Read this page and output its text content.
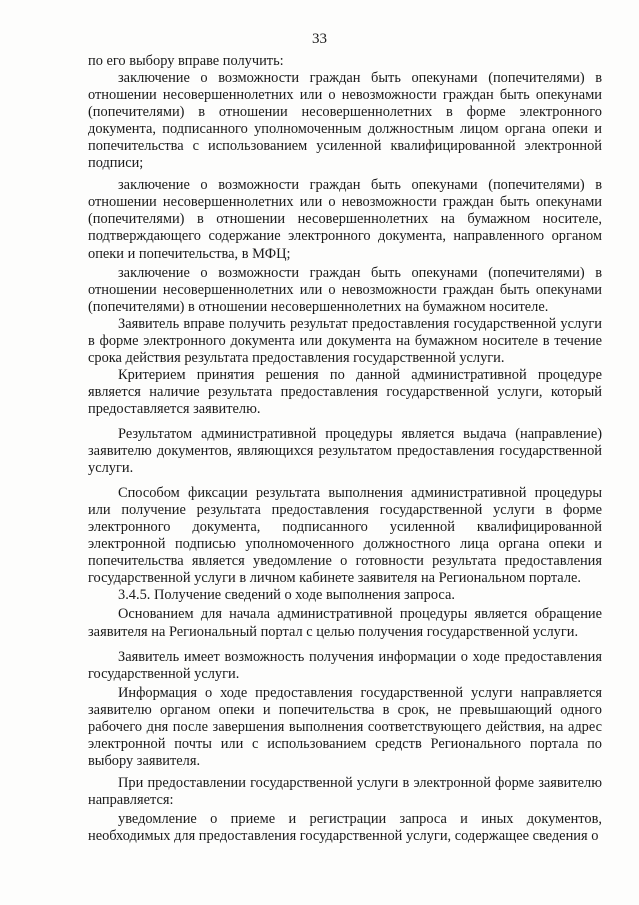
33

по его выбору вправе получить:

заключение о возможности граждан быть опекунами (попечителями) в отношении несовершеннолетних или о невозможности граждан быть опекунами (попечителями) в отношении несовершеннолетних в форме электронного документа, подписанного уполномоченным должностным лицом органа опеки и попечительства с использованием усиленной квалифицированной электронной подписи;

заключение о возможности граждан быть опекунами (попечителями) в отношении несовершеннолетних или о невозможности граждан быть опекунами (попечителями) в отношении несовершеннолетних на бумажном носителе, подтверждающего содержание электронного документа, направленного органом опеки и попечительства, в МФЦ;

заключение о возможности граждан быть опекунами (попечителями) в отношении несовершеннолетних или о невозможности граждан быть опекунами (попечителями) в отношении несовершеннолетних на бумажном носителе.

Заявитель вправе получить результат предоставления государственной услуги в форме электронного документа или документа на бумажном носителе в течение срока действия результата предоставления государственной услуги.

Критерием принятия решения по данной административной процедуре является наличие результата предоставления государственной услуги, который предоставляется заявителю.

Результатом административной процедуры является выдача (направление) заявителю документов, являющихся результатом предоставления государственной услуги.

Способом фиксации результата выполнения административной процедуры или получение результата предоставления государственной услуги в форме электронного документа, подписанного усиленной квалифицированной электронной подписью уполномоченного должностного лица органа опеки и попечительства является уведомление о готовности результата предоставления государственной услуги в личном кабинете заявителя на Региональном портале.

3.4.5. Получение сведений о ходе выполнения запроса.

Основанием для начала административной процедуры является обращение заявителя на Региональный портал с целью получения государственной услуги.

Заявитель имеет возможность получения информации о ходе предоставления государственной услуги.

Информация о ходе предоставления государственной услуги направляется заявителю органом опеки и попечительства в срок, не превышающий одного рабочего дня после завершения выполнения соответствующего действия, на адрес электронной почты или с использованием средств Регионального портала по выбору заявителя.

При предоставлении государственной услуги в электронной форме заявителю направляется:

уведомление о приеме и регистрации запроса и иных документов, необходимых для предоставления государственной услуги, содержащее сведения о
